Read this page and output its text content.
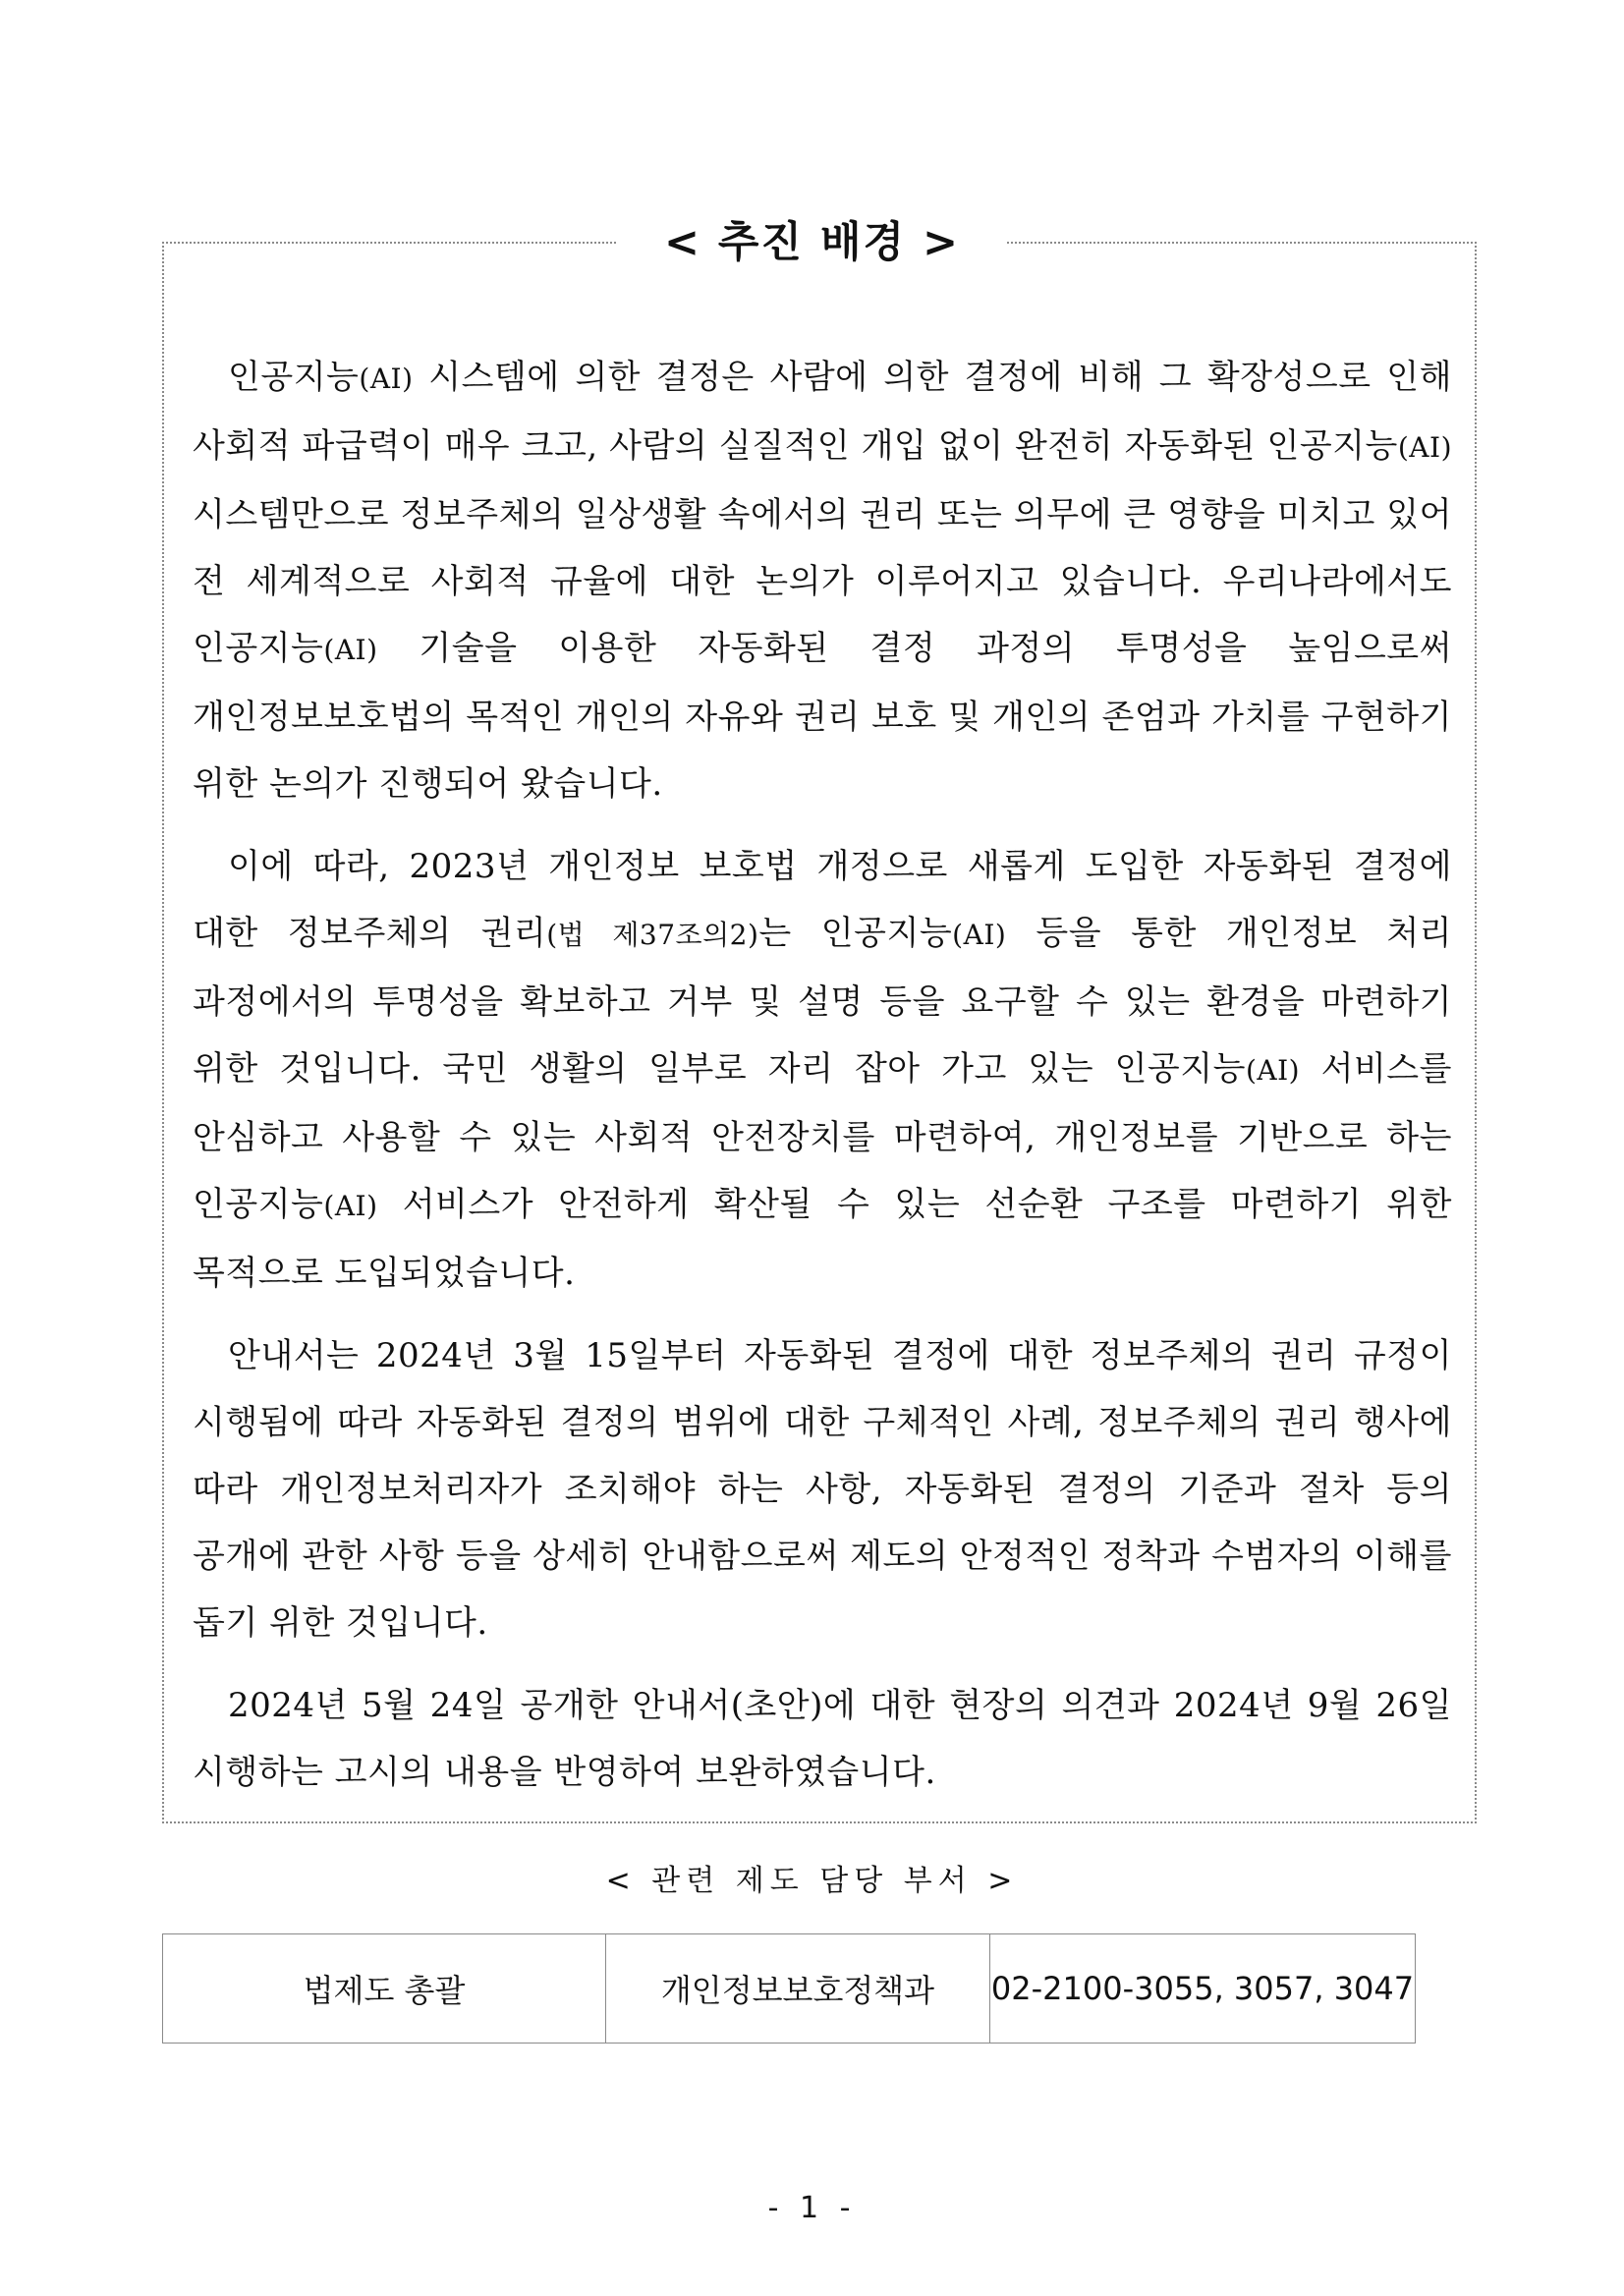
< 추진 배경 >

인공지능(AI) 시스템에 의한 결정은 사람에 의한 결정에 비해 그 확장성으로 인해 사회적 파급력이 매우 크고, 사람의 실질적인 개입 없이 완전히 자동화된 인공지능(AI) 시스템만으로 정보주체의 일상생활 속에서의 권리 또는 의무에 큰 영향을 미치고 있어 전 세계적으로 사회적 규율에 대한 논의가 이루어지고 있습니다. 우리나라에서도 인공지능(AI) 기술을 이용한 자동화된 결정 과정의 투명성을 높임으로써 개인정보보호법의 목적인 개인의 자유와 권리 보호 및 개인의 존엄과 가치를 구현하기 위한 논의가 진행되어 왔습니다.

이에 따라, 2023년 개인정보 보호법 개정으로 새롭게 도입한 자동화된 결정에 대한 정보주체의 권리(법 제37조의2)는 인공지능(AI) 등을 통한 개인정보 처리 과정에서의 투명성을 확보하고 거부 및 설명 등을 요구할 수 있는 환경을 마련하기 위한 것입니다. 국민 생활의 일부로 자리 잡아 가고 있는 인공지능(AI) 서비스를 안심하고 사용할 수 있는 사회적 안전장치를 마련하여, 개인정보를 기반으로 하는 인공지능(AI) 서비스가 안전하게 확산될 수 있는 선순환 구조를 마련하기 위한 목적으로 도입되었습니다.

안내서는 2024년 3월 15일부터 자동화된 결정에 대한 정보주체의 권리 규정이 시행됨에 따라 자동화된 결정의 범위에 대한 구체적인 사례, 정보주체의 권리 행사에 따라 개인정보처리자가 조치해야 하는 사항, 자동화된 결정의 기준과 절차 등의 공개에 관한 사항 등을 상세히 안내함으로써 제도의 안정적인 정착과 수범자의 이해를 돕기 위한 것입니다.

2024년 5월 24일 공개한 안내서(초안)에 대한 현장의 의견과 2024년 9월 26일 시행하는 고시의 내용을 반영하여 보완하였습니다.

< 관련 제도 담당 부서 >
법제도 총괄	개인정보보호정책과	02-2100-3055, 3057, 3047
- 1 -
